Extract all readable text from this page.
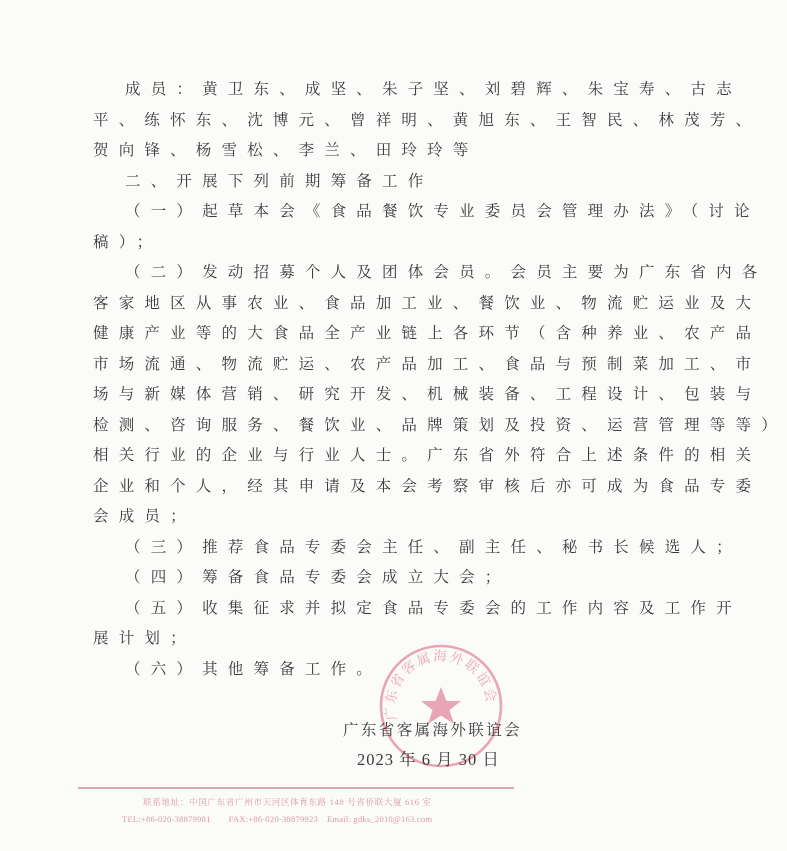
成员：黄卫东、成坚、朱子坚、刘碧辉、朱宝寿、古志
平、练怀东、沈博元、曾祥明、黄旭东、王智民、林茂芳、
贺向锋、杨雪松、李兰、田玲玲等
二、开展下列前期筹备工作
（一）起草本会《食品餐饮专业委员会管理办法》（讨论
稿）；
（二）发动招募个人及团体会员。会员主要为广东省内各
客家地区从事农业、食品加工业、餐饮业、物流贮运业及大
健康产业等的大食品全产业链上各环节（含种养业、农产品
市场流通、物流贮运、农产品加工、食品与预制菜加工、市
场与新媒体营销、研究开发、机械装备、工程设计、包装与
检测、咨询服务、餐饮业、品牌策划及投资、运营管理等等）
相关行业的企业与行业人士。广东省外符合上述条件的相关
企业和个人，经其申请及本会考察审核后亦可成为食品专委
会成员；
（三）推荐食品专委会主任、副主任、秘书长候选人；
（四）筹备食品专委会成立大会；
（五）收集征求并拟定食品专委会的工作内容及工作开
展计划；
（六）其他筹备工作。
广东省客属海外联谊会
广东省客属海外联谊会
2023 年 6 月 30 日
联系地址：中国广东省广州市天河区体育东路 148 号省侨联大厦 616 室
TEL:+86-020-38879981 FAX:+86-020-38879923 Email: gdks_2010@163.com
